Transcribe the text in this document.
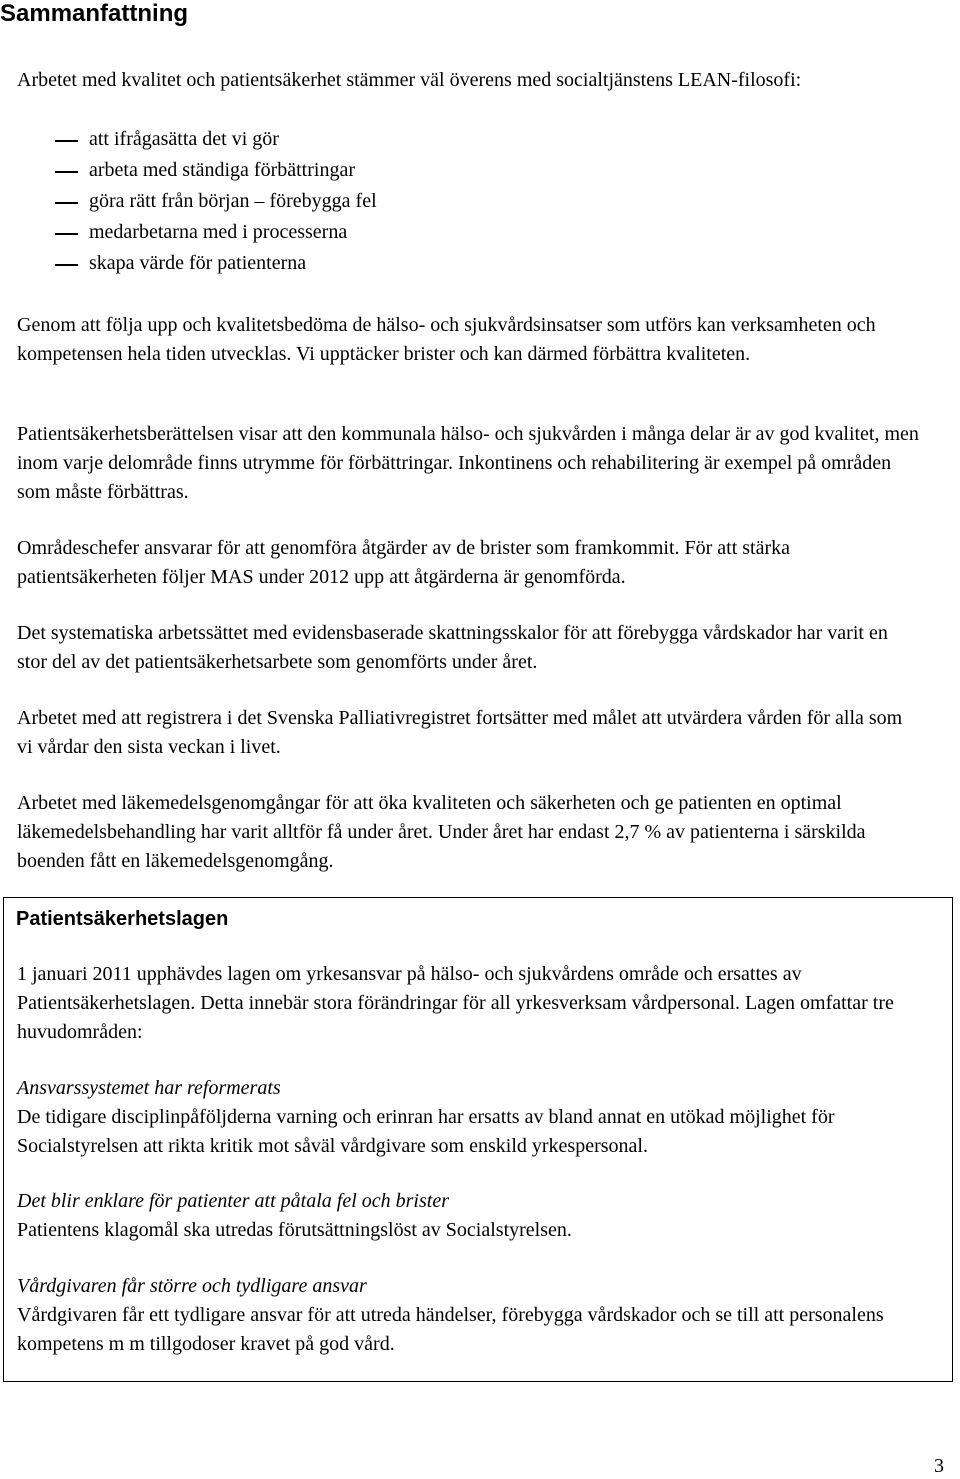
Sammanfattning

Arbetet med kvalitet och patientsäkerhet stämmer väl överens med socialtjänstens LEAN-filosofi:

att ifrågasätta det vi gör
arbeta med ständiga förbättringar
göra rätt från början – förebygga fel
medarbetarna med i processerna
skapa värde för patienterna

Genom att följa upp och kvalitetsbedöma de hälso- och sjukvårdsinsatser som utförs kan verksamheten och kompetensen hela tiden utvecklas. Vi upptäcker brister och kan därmed förbättra kvaliteten.

Patientsäkerhetsberättelsen visar att den kommunala hälso- och sjukvården i många delar är av god kvalitet, men inom varje delområde finns utrymme för förbättringar. Inkontinens och rehabilitering är exempel på områden som måste förbättras.

Områdeschefer ansvarar för att genomföra åtgärder av de brister som framkommit. För att stärka patientsäkerheten följer MAS under 2012 upp att åtgärderna är genomförda.

Det systematiska arbetssättet med evidensbaserade skattningsskalor för att förebygga vårdskador har varit en stor del av det patientsäkerhetsarbete som genomförts under året.

Arbetet med att registrera i det Svenska Palliativregistret fortsätter med målet att utvärdera vården för alla som vi vårdar den sista veckan i livet.

Arbetet med läkemedelsgenomgångar för att öka kvaliteten och säkerheten och ge patienten en optimal läkemedelsbehandling har varit alltför få under året. Under året har endast 2,7 % av patienterna i särskilda boenden fått en läkemedelsgenomgång.

Patientsäkerhetslagen

1 januari 2011 upphävdes lagen om yrkesansvar på hälso- och sjukvårdens område och ersattes av Patientsäkerhetslagen. Detta innebär stora förändringar för all yrkesverksam vårdpersonal. Lagen omfattar tre huvudområden:

Ansvarssystemet har reformerats
De tidigare disciplinpåföljderna varning och erinran har ersatts av bland annat en utökad möjlighet för Socialstyrelsen att rikta kritik mot såväl vårdgivare som enskild yrkespersonal.
Det blir enklare för patienter att påtala fel och brister
Patientens klagomål ska utredas förutsättningslöst av Socialstyrelsen.
Vårdgivaren får större och tydligare ansvar
Vårdgivaren får ett tydligare ansvar för att utreda händelser, förebygga vårdskador och se till att personalens kompetens m m tillgodoser kravet på god vård.
3
